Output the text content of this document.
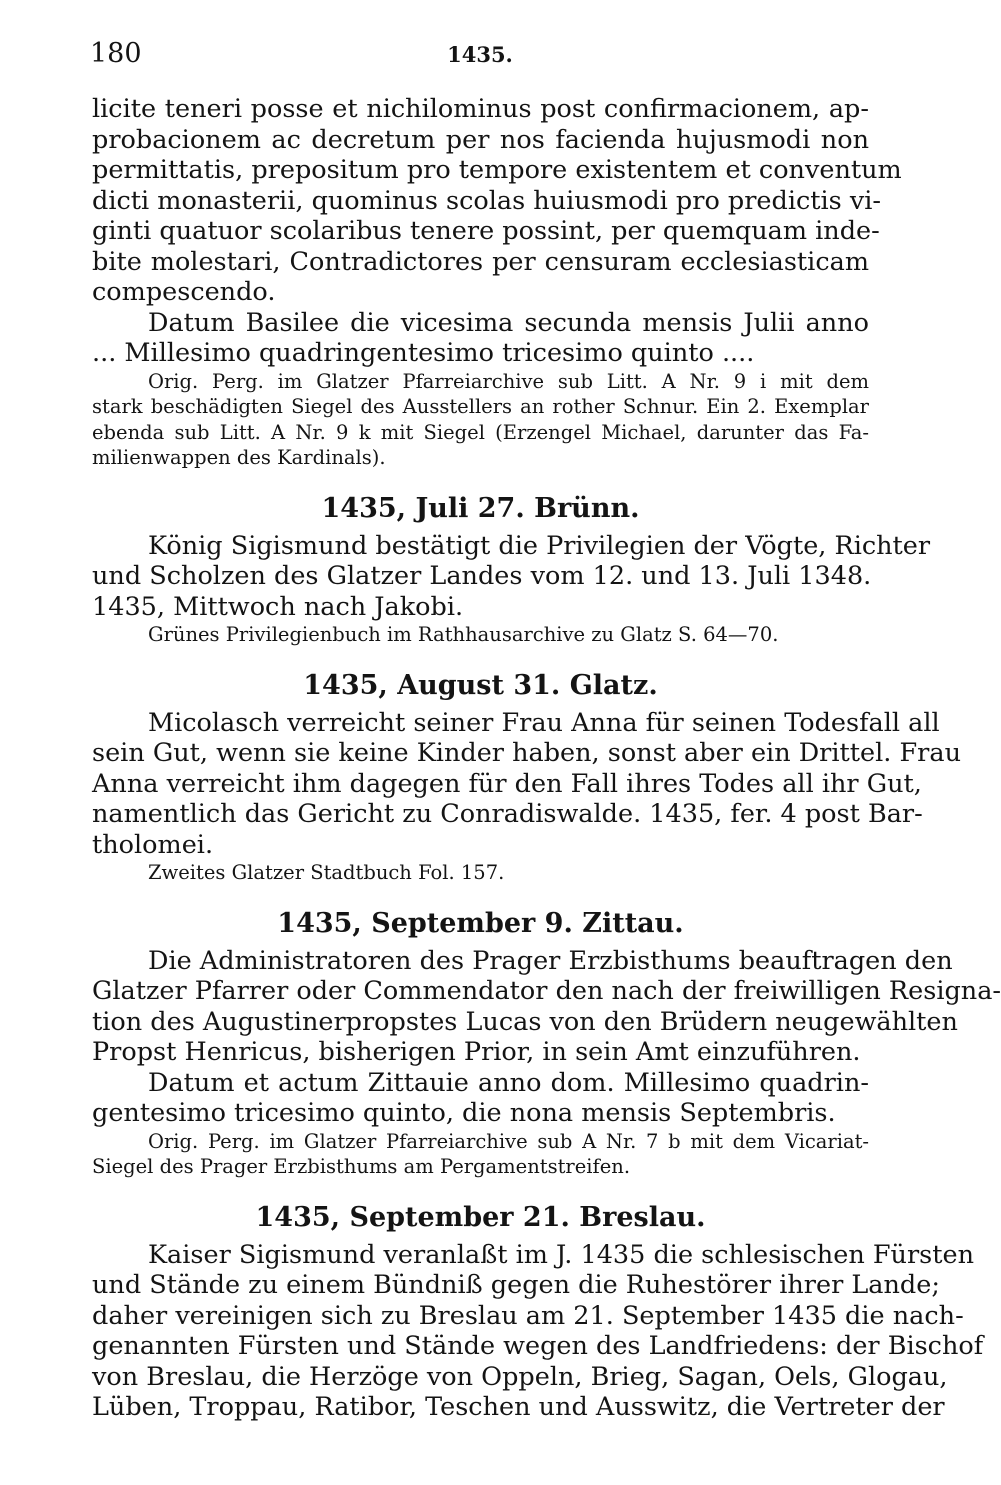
180	1435.
licite teneri posse et nichilominus post confirmacionem, ap-
probacionem ac decretum per nos facienda hujusmodi non
permittatis, prepositum pro tempore existentem et conventum
dicti monasterii, quominus scolas huiusmodi pro predictis vi-
ginti quatuor scolaribus tenere possint, per quemquam inde-
bite molestari, Contradictores per censuram ecclesiasticam
compescendo.
Datum Basilee die vicesima secunda mensis Julii anno
... Millesimo quadringentesimo tricesimo quinto ....
Orig. Perg. im Glatzer Pfarreiarchive sub Litt. A Nr. 9 i mit dem
stark beschädigten Siegel des Ausstellers an rother Schnur. Ein 2. Exemplar
ebenda sub Litt. A Nr. 9 k mit Siegel (Erzengel Michael, darunter das Fa-
milienwappen des Kardinals).
1435, Juli 27. Brünn.
König Sigismund bestätigt die Privilegien der Vögte, Richter
und Scholzen des Glatzer Landes vom 12. und 13. Juli 1348.
1435, Mittwoch nach Jakobi.
Grünes Privilegienbuch im Rathhausarchive zu Glatz S. 64—70.
1435, August 31. Glatz.
Micolasch verreicht seiner Frau Anna für seinen Todesfall all
sein Gut, wenn sie keine Kinder haben, sonst aber ein Drittel. Frau
Anna verreicht ihm dagegen für den Fall ihres Todes all ihr Gut,
namentlich das Gericht zu Conradiswalde. 1435, fer. 4 post Bar-
tholomei.
Zweites Glatzer Stadtbuch Fol. 157.
1435, September 9. Zittau.
Die Administratoren des Prager Erzbisthums beauftragen den
Glatzer Pfarrer oder Commendator den nach der freiwilligen Resigna-
tion des Augustinerpropstes Lucas von den Brüdern neugewählten
Propst Henricus, bisherigen Prior, in sein Amt einzuführen.
Datum et actum Zittauie anno dom. Millesimo quadrin-
gentesimo tricesimo quinto, die nona mensis Septembris.
Orig. Perg. im Glatzer Pfarreiarchive sub A Nr. 7 b mit dem Vicariat-
Siegel des Prager Erzbisthums am Pergamentstreifen.
1435, September 21. Breslau.
Kaiser Sigismund veranlaßt im J. 1435 die schlesischen Fürsten
und Stände zu einem Bündniß gegen die Ruhestörer ihrer Lande;
daher vereinigen sich zu Breslau am 21. September 1435 die nach-
genannten Fürsten und Stände wegen des Landfriedens: der Bischof
von Breslau, die Herzöge von Oppeln, Brieg, Sagan, Oels, Glogau,
Lüben, Troppau, Ratibor, Teschen und Ausswitz, die Vertreter der
